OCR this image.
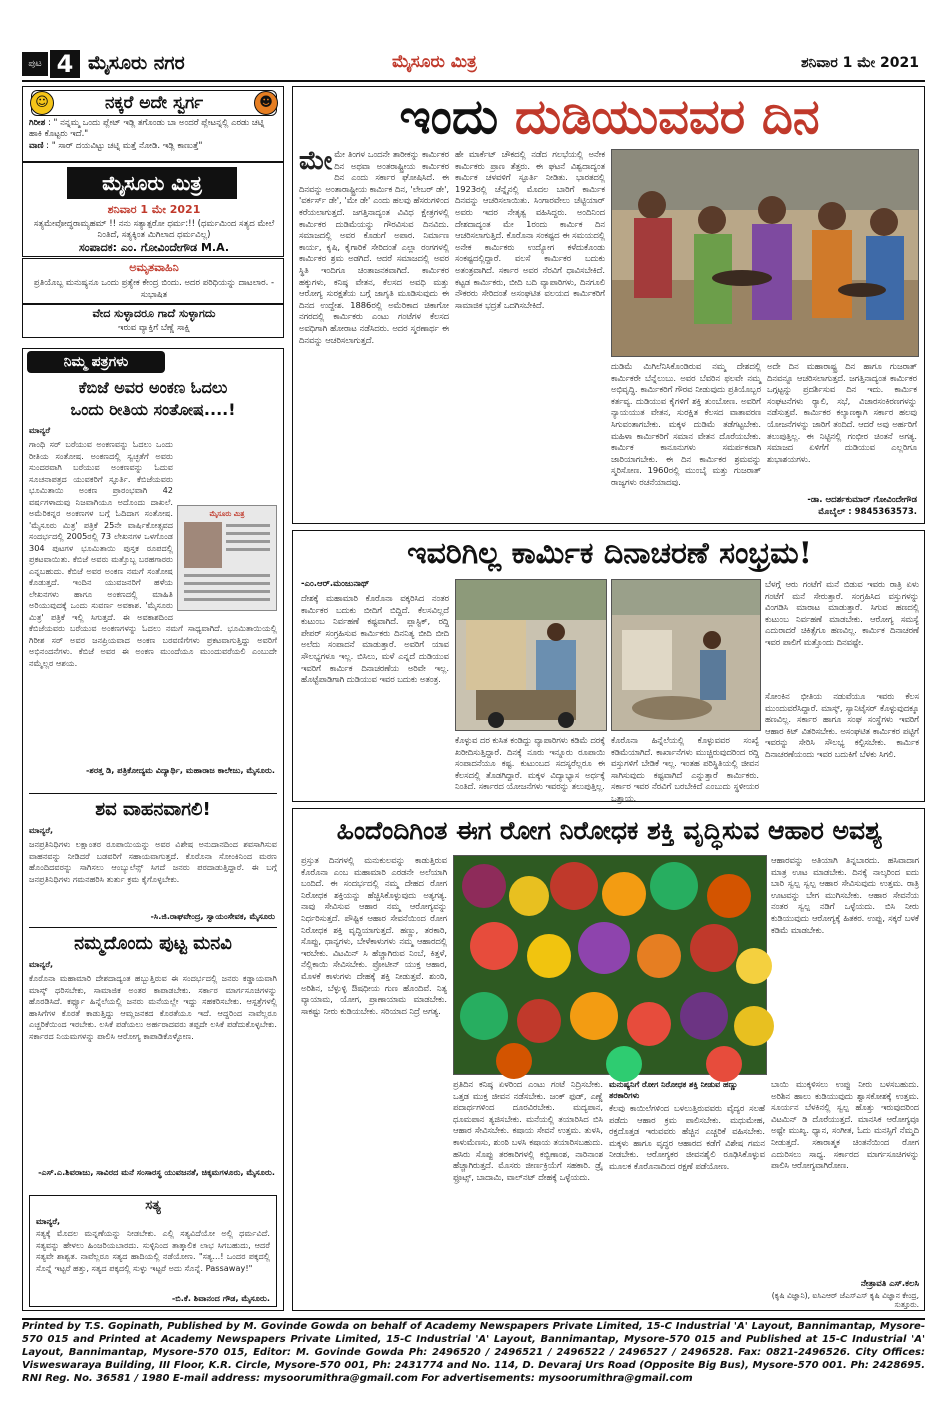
ಪುಟ 4 ಮೈಸೂರು ನಗರ	ಮೈಸೂರು ಮಿತ್ರ	ಶನಿವಾರ 1 ಮೇ 2021
☺	ನಕ್ಕರೆ ಅದೇ ಸ್ವರ್ಗ	☻
ಗಿರೀಶ : " ನನ್ನಮ್ಮ ಒಂದು ಪ್ಲೇಟ್ ಇಡ್ಲಿ ತಗೊಂಡು ಬಾ ಅಂದರೆ ಪ್ಲೇಟನ್ನಲ್ಲಿ ಎರಡು ಚಟ್ನಿ ಹಾಕಿ ಕೊಟ್ಟರು ಇದೆ."
ವಾಣಿ : " ಸಾರ್ ದಯವಿಟ್ಟು ಚಟ್ನಿ ಮತ್ತೆ ನೋಡಿ. ಇಡ್ಲಿ ಕಾಣುತ್ತೆ"
ಮೈಸೂರು ಮಿತ್ರ
ಶನಿವಾರ 1 ಮೇ 2021
ಸತ್ಯಮೇವೋದ್ಧರಾಮ್ಯಹಮ್ !! ನನು ಸತ್ಯಾತ್ಪರೋ ಧರ್ಮ:!! (ಧರ್ಮಮಿಂದ ಸತ್ಯದ ಮೇಲೆ ನಿಂತಿದೆ, ಸತ್ಯಕ್ಕಿಂತ ಮಿಗಿಲಾದ ಧರ್ಮವಿಲ್ಲ)
ಸಂಪಾದಕ: ಎಂ. ಗೋವಿಂದೇಗೌಡ M.A.
ಅಮೃತವಾಹಿನಿ
ಪ್ರತಿಯೊಬ್ಬ ಮನುಷ್ಯನೂ ಒಂದು ಪ್ರತ್ಯೇಕ ಕೇಂದ್ರ ಬಿಂದು. ಅದರ ಪರಿಧಿಯನ್ನು ದಾಟಲಾರ. - ಸುಭಾಷಿತ
ವೇದ ಸುಳ್ಳಾದರೂ ಗಾದೆ ಸುಳ್ಳಾಗದು
ಇರುವ ವ್ಯಾಕ್ತಿಗೆ ಬೆಣ್ಣೆ ಸಾಕ್ಷಿ
ನಿಮ್ಮ ಪತ್ರಗಳು
ಕೆಬಿಜೆ ಅವರ ಅಂಕಣ ಓದಲು
ಒಂದು ರೀತಿಯ ಸಂತೋಷ....!
ಮಾನ್ಯರೆ
ಮೈಸೂರು ಮಿತ್ರ
ಗಾಂಧಿ ಸರ್ ಬರೆಯುವ ಅಂಕಣವನ್ನು ಓದಲು ಒಂದು ರೀತಿಯ ಸಂತೋಷ. ಅಂಕಣದಲ್ಲಿ ಸ್ವಚ್ಛತೆಗೆ ಅವರು ಸುಂದರವಾಗಿ ಬರೆಯುವ ಅಂಕಣವನ್ನು ಓದುವ ಸೂಚನಾಪತ್ರದ ಯುವಕರಿಗೆ ಸ್ಫೂರ್ತಿ. ಕೆಬಿಜೆಯವರು ಭೂಮಿತಾಯಿ ಅಂಕಣ ಪ್ರಾರಂಭವಾಗಿ 42 ವರ್ಷಗಳಾದುವು ನಿಜವಾಗಿಯೂ ಅದೊಂದು ದಾಖಲೆ. ಅಮೆರಿಕನ್ನರ ಅಂಕಣಗಳ ಬಗ್ಗೆ ಓದಿದಾಗ ಸಂತೋಷ. 'ಮೈಸೂರು ಮಿತ್ರ' ಪತ್ರಿಕೆ 25ನೇ ವಾರ್ಷಿಕೋತ್ಸವದ ಸಂದರ್ಭದಲ್ಲಿ 2005ರಲ್ಲಿ 73 ಲೇಖನಗಳ ಒಳಗೊಂಡ 304 ಪುಟಗಳ ಭೂಮಿತಾಯಿ ಪುಸ್ತಕ ರೂಪದಲ್ಲಿ ಪ್ರಕಟವಾಯಿತು. ಕೆಬಿಜೆ ಅವರು ಮತ್ತೊಬ್ಬ ಬರಹಗಾರರು ಎನ್ನಬಹುದು. ಕೆಬಿಜೆ ಅವರ ಅಂಕಣ ನಮಗೆ ಸಂತೋಷ ಕೊಡುತ್ತದೆ. ಇಂದಿನ ಯುವಜನರಿಗೆ ಹಳೆಯ ಲೇಖನಗಳು ಹಾಗೂ ಅಂಕಣದಲ್ಲಿ ಮಾಹಿತಿ ಅರಿಯುವುದಕ್ಕೆ ಒಂದು ಸುವರ್ಣ ಅವಕಾಶ. 'ಮೈಸೂರು ಮಿತ್ರ' ಪತ್ರಿಕೆ ಇಲ್ಲಿ ಸಿಗುತ್ತದೆ. ಈ ಅವಕಾಶದಿಂದ ಕೆಬಿಜೆಯವರು ಬರೆಯುವ ಅಂಕಣಗಳನ್ನು ಓದಲು ನಮಗೆ ಸಾಧ್ಯವಾಗಿದೆ. ಭೂಮಿತಾಯಿಯಲ್ಲಿ ಗಿರೀಶ ಸರ್ ಅವರ ಜನಪ್ರಿಯವಾದ ಅಂಕಣ ಬರವಣಿಗೆಗಳು ಪ್ರಕಟವಾಗುತ್ತಿದ್ದು ಅವರಿಗೆ ಅಭಿನಂದನೆಗಳು. ಕೆಬಿಜೆ ಅವರ ಈ ಅಂಕಣ ಮುಂದೆಯೂ ಮುಂದುವರೆಯಲಿ ಎಂಬುದೇ ನಮ್ಮೆಲ್ಲರ ಆಶಯ.
-ಶರತ್ತ ಡಿ, ಪತ್ರಿಕೋದ್ಯಮ ವಿದ್ಯಾರ್ಥಿ, ಮಹಾರಾಜ ಕಾಲೇಜು, ಮೈಸೂರು.
ಶವ ವಾಹನವಾಗಲಿ!
ಮಾನ್ಯರೆ,
ಜನಪ್ರತಿನಿಧಿಗಳು ಲಕ್ಷಾಂತರ ರೂಪಾಯಿಯನ್ನು ಅವರ ವಿಶೇಷ ಅನುದಾನದಿಂದ ಶವಸಾಗಿಸುವ ವಾಹನವನ್ನು ನೀಡಿದರೆ ಬಡವರಿಗೆ ಸಹಾಯವಾಗುತ್ತದೆ. ಕೊರೊನಾ ಸೋಂಕಿನಿಂದ ಮರಣ ಹೊಂದಿದವರನ್ನು ಸಾಗಿಸಲು ಆಂಬ್ಯುಲೆನ್ಸ್ ಸಿಗದೆ ಜನರು ಪರದಾಡುತ್ತಿದ್ದಾರೆ. ಈ ಬಗ್ಗೆ ಜನಪ್ರತಿನಿಧಿಗಳು ಗಮನಹರಿಸಿ ತುರ್ತು ಕ್ರಮ ಕೈಗೊಳ್ಳಬೇಕು.
-ಸಿ.ಜಿ.ರಾಘವೇಂದ್ರ, ಸ್ವಾಯಂಸೇವಕ, ಮೈಸೂರು
ನಮ್ಮದೊಂದು ಪುಟ್ಟ ಮನವಿ
ಮಾನ್ಯರೆ,
ಕೊರೊನಾ ಮಹಾಮಾರಿ ದೇಶದಾದ್ಯಂತ ಹಬ್ಬುತ್ತಿರುವ ಈ ಸಂದರ್ಭದಲ್ಲಿ ಜನರು ಕಡ್ಡಾಯವಾಗಿ ಮಾಸ್ಕ್ ಧರಿಸಬೇಕು, ಸಾಮಾಜಿಕ ಅಂತರ ಕಾಪಾಡಬೇಕು. ಸರ್ಕಾರ ಮಾರ್ಗಸೂಚಿಗಳನ್ನು ಹೊರಡಿಸಿದೆ. ಕರ್ಫ್ಯೂ ಹಿನ್ನೆಲೆಯಲ್ಲಿ ಜನರು ಮನೆಯಲ್ಲೇ ಇದ್ದು ಸಹಕರಿಸಬೇಕು. ಆಸ್ಪತ್ರೆಗಳಲ್ಲಿ ಹಾಸಿಗೆಗಳ ಕೊರತೆ ಕಾಡುತ್ತಿದ್ದು ಆಮ್ಲಜನಕದ ಕೊರತೆಯೂ ಇದೆ. ಆದ್ದರಿಂದ ನಾವೆಲ್ಲರೂ ಎಚ್ಚರಿಕೆಯಿಂದ ಇರಬೇಕು. ಲಸಿಕೆ ಪಡೆಯಲು ಅರ್ಹರಾದವರು ತಪ್ಪದೇ ಲಸಿಕೆ ಪಡೆದುಕೊಳ್ಳಬೇಕು. ಸರ್ಕಾರದ ನಿಯಮಗಳನ್ನು ಪಾಲಿಸಿ ಆರೋಗ್ಯ ಕಾಪಾಡಿಕೊಳ್ಳೋಣ.
-ಎಸ್.ಎ.ಶಿವರಾಜು, ಸಾವಿರದ ಮನೆ ಸಂಸಾರಸ್ಥ ಯುವಜನತೆ, ಚಿಕ್ಕಮಗಳೂರು, ಮೈಸೂರು.
ಸತ್ಯ
ಮಾನ್ಯರೆ,
ಸತ್ಯಕ್ಕೆ ಮೊದಲ ಮನ್ನಣೆಯನ್ನು ನೀಡಬೇಕು. ಎಲ್ಲಿ ಸತ್ಯವಿದೆಯೋ ಅಲ್ಲಿ ಧರ್ಮವಿದೆ. ಸತ್ಯವನ್ನು ಹೇಳಲು ಹಿಂಜರಿಯಬಾರದು. ಸುಳ್ಳಿನಿಂದ ತಾತ್ಕಾಲಿಕ ಲಾಭ ಸಿಗಬಹುದು, ಆದರೆ ಸತ್ಯವೇ ಶಾಶ್ವತ. ನಾವೆಲ್ಲರೂ ಸತ್ಯದ ಹಾದಿಯಲ್ಲಿ ನಡೆಯೋಣ. "ಸತ್ಯ...! ಒಂದರ ಪಕ್ಕದಲ್ಲಿ ಸೊನ್ನೆ ಇಟ್ಟರೆ ಹತ್ತು, ಸತ್ಯದ ಪಕ್ಕದಲ್ಲಿ ಸುಳ್ಳು ಇಟ್ಟರೆ ಅದು ಸೊನ್ನೆ. Passaway!"
-ಬಿ.ಕೆ. ಶಿವಾನಂದ ಗೌಡ, ಮೈಸೂರು.
ಇಂದು ದುಡಿಯುವವರ ದಿನ
ಮೇಮೇ ತಿಂಗಳ ಒಂದನೇ ತಾರೀಕನ್ನು ಕಾರ್ಮಿಕರ ದಿನ ಅಥವಾ ಅಂತರಾಷ್ಟ್ರೀಯ ಕಾರ್ಮಿಕರ ದಿನ ಎಂದು ಸರ್ಕಾರ ಘೋಷಿಸಿದೆ. ಈ ದಿನವನ್ನು ಅಂತಾರಾಷ್ಟ್ರೀಯ ಕಾರ್ಮಿಕ ದಿನ, 'ಲೇಬರ್ ಡೇ', 'ವರ್ಕರ್ಸ್ ಡೇ', 'ಮೇ ಡೇ' ಎಂದು ಹಲವು ಹೆಸರುಗಳಿಂದ ಕರೆಯಲಾಗುತ್ತದೆ. ಜಗತ್ತಿನಾದ್ಯಂತ ವಿವಿಧ ಕ್ಷೇತ್ರಗಳಲ್ಲಿ ಕಾರ್ಮಿಕರ ದುಡಿಮೆಯನ್ನು ಗೌರವಿಸುವ ದಿನವಿದು. ಸಮಾಜದಲ್ಲಿ ಅವರ ಕೊಡುಗೆ ಅಪಾರ. ನಿರ್ಮಾಣ ಕಾರ್ಯ, ಕೃಷಿ, ಕೈಗಾರಿಕೆ ಸೇರಿದಂತೆ ಎಲ್ಲಾ ರಂಗಗಳಲ್ಲಿ ಕಾರ್ಮಿಕರ ಶ್ರಮ ಅಡಗಿದೆ. ಆದರೆ ಸಮಾಜದಲ್ಲಿ ಅವರ ಸ್ಥಿತಿ ಇಂದಿಗೂ ಚಿಂತಾಜನಕವಾಗಿದೆ. ಕಾರ್ಮಿಕರ ಹಕ್ಕುಗಳು, ಕನಿಷ್ಠ ವೇತನ, ಕೆಲಸದ ಅವಧಿ ಮತ್ತು ಆರೋಗ್ಯ ಸುರಕ್ಷತೆಯ ಬಗ್ಗೆ ಜಾಗೃತಿ ಮೂಡಿಸುವುದು ಈ ದಿನದ ಉದ್ದೇಶ. 1886ರಲ್ಲಿ ಅಮೆರಿಕಾದ ಚಿಕಾಗೋ ನಗರದಲ್ಲಿ ಕಾರ್ಮಿಕರು ಎಂಟು ಗಂಟೆಗಳ ಕೆಲಸದ ಅವಧಿಗಾಗಿ ಹೋರಾಟ ನಡೆಸಿದರು. ಅದರ ಸ್ಮರಣಾರ್ಥ ಈ ದಿನವನ್ನು ಆಚರಿಸಲಾಗುತ್ತದೆ.
ಹೇ ಮಾರ್ಕೆಟ್ ಚೌಕದಲ್ಲಿ ನಡೆದ ಗಲಭೆಯಲ್ಲಿ ಅನೇಕ ಕಾರ್ಮಿಕರು ಪ್ರಾಣ ತೆತ್ತರು. ಈ ಘಟನೆ ವಿಶ್ವದಾದ್ಯಂತ ಕಾರ್ಮಿಕ ಚಳವಳಿಗೆ ಸ್ಫೂರ್ತಿ ನೀಡಿತು. ಭಾರತದಲ್ಲಿ 1923ರಲ್ಲಿ ಚೆನ್ನೈನಲ್ಲಿ ಮೊದಲ ಬಾರಿಗೆ ಕಾರ್ಮಿಕ ದಿನವನ್ನು ಆಚರಿಸಲಾಯಿತು. ಸಿಂಗಾರವೇಲು ಚೆಟ್ಟಿಯಾರ್ ಅವರು ಇದರ ನೇತೃತ್ವ ವಹಿಸಿದ್ದರು. ಅಂದಿನಿಂದ ದೇಶದಾದ್ಯಂತ ಮೇ 1ರಂದು ಕಾರ್ಮಿಕ ದಿನ ಆಚರಿಸಲಾಗುತ್ತಿದೆ. ಕೊರೊನಾ ಸಂಕಷ್ಟದ ಈ ಸಮಯದಲ್ಲಿ ಅನೇಕ ಕಾರ್ಮಿಕರು ಉದ್ಯೋಗ ಕಳೆದುಕೊಂಡು ಸಂಕಷ್ಟದಲ್ಲಿದ್ದಾರೆ. ವಲಸೆ ಕಾರ್ಮಿಕರ ಬದುಕು ಅತಂತ್ರವಾಗಿದೆ. ಸರ್ಕಾರ ಅವರ ನೆರವಿಗೆ ಧಾವಿಸಬೇಕಿದೆ. ಕಟ್ಟಡ ಕಾರ್ಮಿಕರು, ಬೀದಿ ಬದಿ ವ್ಯಾಪಾರಿಗಳು, ದಿನಗೂಲಿ ನೌಕರರು ಸೇರಿದಂತೆ ಅಸಂಘಟಿತ ವಲಯದ ಕಾರ್ಮಿಕರಿಗೆ ಸಾಮಾಜಿಕ ಭದ್ರತೆ ಒದಗಿಸಬೇಕಿದೆ.
ದುಡಿಮೆ ಮಿಗಿಲೆನಿಸಿಕೊಂಡಿರುವ ನಮ್ಮ ದೇಶದಲ್ಲಿ ಕಾರ್ಮಿಕರೇ ಬೆನ್ನೆಲುಬು. ಅವರ ಬೆವರಿನ ಫಲವೇ ನಮ್ಮ ಅಭಿವೃದ್ಧಿ. ಕಾರ್ಮಿಕರಿಗೆ ಗೌರವ ನೀಡುವುದು ಪ್ರತಿಯೊಬ್ಬರ ಕರ್ತವ್ಯ. ದುಡಿಯುವ ಕೈಗಳಿಗೆ ಶಕ್ತಿ ತುಂಬೋಣ. ಅವರಿಗೆ ನ್ಯಾಯಯುತ ವೇತನ, ಸುರಕ್ಷಿತ ಕೆಲಸದ ವಾತಾವರಣ ಸಿಗುವಂತಾಗಬೇಕು. ಮಕ್ಕಳ ದುಡಿಮೆ ತಡೆಗಟ್ಟಬೇಕು. ಮಹಿಳಾ ಕಾರ್ಮಿಕರಿಗೆ ಸಮಾನ ವೇತನ ದೊರೆಯಬೇಕು. ಕಾರ್ಮಿಕ ಕಾನೂನುಗಳು ಸಮರ್ಪಕವಾಗಿ ಜಾರಿಯಾಗಬೇಕು. ಈ ದಿನ ಕಾರ್ಮಿಕರ ಶ್ರಮವನ್ನು ಸ್ಮರಿಸೋಣ. 1960ರಲ್ಲಿ ಮುಂಬೈ ಮತ್ತು ಗುಜರಾತ್ ರಾಜ್ಯಗಳು ರಚನೆಯಾದವು.
ಅದೇ ದಿನ ಮಹಾರಾಷ್ಟ್ರ ದಿನ ಹಾಗೂ ಗುಜರಾತ್ ದಿನವನ್ನೂ ಆಚರಿಸಲಾಗುತ್ತದೆ. ಜಗತ್ತಿನಾದ್ಯಂತ ಕಾರ್ಮಿಕರ ಒಗ್ಗಟ್ಟನ್ನು ಪ್ರದರ್ಶಿಸುವ ದಿನ ಇದು. ಕಾರ್ಮಿಕ ಸಂಘಟನೆಗಳು ರ್‍ಯಾಲಿ, ಸಭೆ, ವಿಚಾರಸಂಕಿರಣಗಳನ್ನು ನಡೆಸುತ್ತವೆ. ಕಾರ್ಮಿಕರ ಕಲ್ಯಾಣಕ್ಕಾಗಿ ಸರ್ಕಾರ ಹಲವು ಯೋಜನೆಗಳನ್ನು ಜಾರಿಗೆ ತಂದಿದೆ. ಆದರೆ ಅವು ಅರ್ಹರಿಗೆ ತಲುಪುತ್ತಿಲ್ಲ. ಈ ನಿಟ್ಟಿನಲ್ಲಿ ಗಂಭೀರ ಚಿಂತನೆ ಅಗತ್ಯ. ಸಮಾಜದ ಏಳಿಗೆಗೆ ದುಡಿಯುವ ಎಲ್ಲರಿಗೂ ಶುಭಾಶಯಗಳು.
-ಡಾ. ಆದರ್ಶಕುಮಾರ್ ಗೋವಿಂದೇಗೌಡ
ಮೊಬೈಲ್ : 9845363573.
ಇವರಿಗಿಲ್ಲ ಕಾರ್ಮಿಕ ದಿನಾಚರಣೆ ಸಂಭ್ರಮ!
-ಎಂ.ಆರ್.ಮಂಜುನಾಥ್
ದೇಶಕ್ಕೆ ಮಹಾಮಾರಿ ಕೊರೊನಾ ವಕ್ಕರಿಸಿದ ನಂತರ ಕಾರ್ಮಿಕರ ಬದುಕು ಬೀದಿಗೆ ಬಿದ್ದಿದೆ. ಕೆಲಸವಿಲ್ಲದೆ ಕುಟುಂಬ ನಿರ್ವಹಣೆ ಕಷ್ಟವಾಗಿದೆ. ಪ್ಲಾಸ್ಟಿಕ್, ರದ್ದಿ ಪೇಪರ್ ಸಂಗ್ರಹಿಸುವ ಕಾರ್ಮಿಕರು ದಿನನಿತ್ಯ ಬೀದಿ ಬೀದಿ ಅಲೆದು ಸಂಪಾದನೆ ಮಾಡುತ್ತಾರೆ. ಅವರಿಗೆ ಯಾವ ಸೌಲಭ್ಯಗಳೂ ಇಲ್ಲ. ಬಿಸಿಲು, ಮಳೆ ಎನ್ನದೆ ದುಡಿಯುವ ಇವರಿಗೆ ಕಾರ್ಮಿಕ ದಿನಾಚರಣೆಯ ಅರಿವೇ ಇಲ್ಲ. ಹೊಟ್ಟೆಪಾಡಿಗಾಗಿ ದುಡಿಯುವ ಇವರ ಬದುಕು ಅತಂತ್ರ.
ಕೊಳ್ಳುವ ದರ ಕುಸಿತ ಕಂಡಿದ್ದು ವ್ಯಾಪಾರಿಗಳು ಕಡಿಮೆ ದರಕ್ಕೆ ಖರೀದಿಸುತ್ತಿದ್ದಾರೆ. ದಿನಕ್ಕೆ ನೂರು ಇನ್ನೂರು ರೂಪಾಯಿ ಸಂಪಾದನೆಯೂ ಕಷ್ಟ. ಕುಟುಂಬದ ಸದಸ್ಯರೆಲ್ಲರೂ ಈ ಕೆಲಸದಲ್ಲಿ ತೊಡಗಿದ್ದಾರೆ. ಮಕ್ಕಳ ವಿದ್ಯಾಭ್ಯಾಸ ಅರ್ಧಕ್ಕೆ ನಿಂತಿದೆ. ಸರ್ಕಾರದ ಯೋಜನೆಗಳು ಇವರನ್ನು ತಲುಪುತ್ತಿಲ್ಲ.
ಕೊರೊನಾ ಹಿನ್ನೆಲೆಯಲ್ಲಿ ಕೊಳ್ಳುವವರ ಸಂಖ್ಯೆ ಕಡಿಮೆಯಾಗಿದೆ. ಕಾರ್ಖಾನೆಗಳು ಮುಚ್ಚಿರುವುದರಿಂದ ರದ್ದಿ ವಸ್ತುಗಳಿಗೆ ಬೇಡಿಕೆ ಇಲ್ಲ. ಇಂತಹ ಪರಿಸ್ಥಿತಿಯಲ್ಲಿ ಜೀವನ ಸಾಗಿಸುವುದು ಕಷ್ಟವಾಗಿದೆ ಎನ್ನುತ್ತಾರೆ ಕಾರ್ಮಿಕರು. ಸರ್ಕಾರ ಇವರ ನೆರವಿಗೆ ಬರಬೇಕಿದೆ ಎಂಬುದು ಸ್ಥಳೀಯರ ಒತ್ತಾಯ.
ಬೆಳಗ್ಗೆ ಆರು ಗಂಟೆಗೆ ಮನೆ ಬಿಡುವ ಇವರು ರಾತ್ರಿ ಏಳು ಗಂಟೆಗೆ ಮನೆ ಸೇರುತ್ತಾರೆ. ಸಂಗ್ರಹಿಸಿದ ವಸ್ತುಗಳನ್ನು ವಿಂಗಡಿಸಿ ಮಾರಾಟ ಮಾಡುತ್ತಾರೆ. ಸಿಗುವ ಹಣದಲ್ಲಿ ಕುಟುಂಬ ನಿರ್ವಹಣೆ ಮಾಡಬೇಕು. ಆರೋಗ್ಯ ಸಮಸ್ಯೆ ಎದುರಾದರೆ ಚಿಕಿತ್ಸೆಗೂ ಹಣವಿಲ್ಲ. ಕಾರ್ಮಿಕ ದಿನಾಚರಣೆ ಇವರ ಪಾಲಿಗೆ ಮತ್ತೊಂದು ದಿನವಷ್ಟೇ.
ಸೋಂಕಿನ ಭೀತಿಯ ನಡುವೆಯೂ ಇವರು ಕೆಲಸ ಮುಂದುವರೆಸಿದ್ದಾರೆ. ಮಾಸ್ಕ್, ಸ್ಯಾನಿಟೈಸರ್ ಕೊಳ್ಳುವುದಕ್ಕೂ ಹಣವಿಲ್ಲ. ಸರ್ಕಾರ ಹಾಗೂ ಸಂಘ ಸಂಸ್ಥೆಗಳು ಇವರಿಗೆ ಆಹಾರ ಕಿಟ್ ವಿತರಿಸಬೇಕು. ಅಸಂಘಟಿತ ಕಾರ್ಮಿಕರ ಪಟ್ಟಿಗೆ ಇವರನ್ನು ಸೇರಿಸಿ ಸೌಲಭ್ಯ ಕಲ್ಪಿಸಬೇಕು. ಕಾರ್ಮಿಕ ದಿನಾಚರಣೆಯಂದು ಇವರ ಬದುಕಿಗೆ ಬೆಳಕು ಸಿಗಲಿ.
ಹಿಂದೆಂದಿಗಿಂತ ಈಗ ರೋಗ ನಿರೋಧಕ ಶಕ್ತಿ ವೃದ್ಧಿಸುವ ಆಹಾರ ಅವಶ್ಯ
ಪ್ರಸ್ತುತ ದಿನಗಳಲ್ಲಿ ಮನುಕುಲವನ್ನು ಕಾಡುತ್ತಿರುವ ಕೊರೊನಾ ಎಂಬ ಮಹಾಮಾರಿ ಎರಡನೇ ಅಲೆಯಾಗಿ ಬಂದಿದೆ. ಈ ಸಂದರ್ಭದಲ್ಲಿ ನಮ್ಮ ದೇಹದ ರೋಗ ನಿರೋಧಕ ಶಕ್ತಿಯನ್ನು ಹೆಚ್ಚಿಸಿಕೊಳ್ಳುವುದು ಅತ್ಯಗತ್ಯ. ನಾವು ಸೇವಿಸುವ ಆಹಾರ ನಮ್ಮ ಆರೋಗ್ಯವನ್ನು ನಿರ್ಧರಿಸುತ್ತದೆ. ಪೌಷ್ಟಿಕ ಆಹಾರ ಸೇವನೆಯಿಂದ ರೋಗ ನಿರೋಧಕ ಶಕ್ತಿ ವೃದ್ಧಿಯಾಗುತ್ತದೆ. ಹಣ್ಣು, ತರಕಾರಿ, ಸೊಪ್ಪು, ಧಾನ್ಯಗಳು, ಬೇಳೆಕಾಳುಗಳು ನಮ್ಮ ಆಹಾರದಲ್ಲಿ ಇರಬೇಕು. ವಿಟಮಿನ್ ಸಿ ಹೆಚ್ಚಾಗಿರುವ ನಿಂಬೆ, ಕಿತ್ತಳೆ, ನೆಲ್ಲಿಕಾಯಿ ಸೇವಿಸಬೇಕು. ಪ್ರೋಟೀನ್ ಯುಕ್ತ ಆಹಾರ, ಮೊಳಕೆ ಕಾಳುಗಳು ದೇಹಕ್ಕೆ ಶಕ್ತಿ ನೀಡುತ್ತವೆ. ಶುಂಠಿ, ಅರಿಶಿನ, ಬೆಳ್ಳುಳ್ಳಿ ಔಷಧೀಯ ಗುಣ ಹೊಂದಿವೆ. ನಿತ್ಯ ವ್ಯಾಯಾಮ, ಯೋಗ, ಪ್ರಾಣಾಯಾಮ ಮಾಡಬೇಕು. ಸಾಕಷ್ಟು ನೀರು ಕುಡಿಯಬೇಕು. ಸರಿಯಾದ ನಿದ್ರೆ ಅಗತ್ಯ.
ಪ್ರತಿದಿನ ಕನಿಷ್ಠ ಏಳರಿಂದ ಎಂಟು ಗಂಟೆ ನಿದ್ರಿಸಬೇಕು. ಒತ್ತಡ ಮುಕ್ತ ಜೀವನ ನಡೆಸಬೇಕು. ಜಂಕ್ ಫುಡ್, ಎಣ್ಣೆ ಪದಾರ್ಥಗಳಿಂದ ದೂರವಿರಬೇಕು. ಮದ್ಯಪಾನ, ಧೂಮಪಾನ ತ್ಯಜಿಸಬೇಕು. ಮನೆಯಲ್ಲಿ ತಯಾರಿಸಿದ ಬಿಸಿ ಆಹಾರ ಸೇವಿಸಬೇಕು. ಕಷಾಯ ಸೇವನೆ ಉತ್ತಮ. ತುಳಸಿ, ಕಾಳುಮೆಣಸು, ಶುಂಠಿ ಬಳಸಿ ಕಷಾಯ ತಯಾರಿಸಬಹುದು. ಹಸಿರು ಸೊಪ್ಪು ತರಕಾರಿಗಳಲ್ಲಿ ಕಬ್ಬಿಣಾಂಶ, ನಾರಿನಾಂಶ ಹೆಚ್ಚಾಗಿರುತ್ತದೆ. ಮೊಸರು ಜೀರ್ಣಕ್ರಿಯೆಗೆ ಸಹಕಾರಿ. ಡ್ರೈ ಫ್ರೂಟ್ಸ್, ಬಾದಾಮಿ, ವಾಲ್‌ನಟ್ ದೇಹಕ್ಕೆ ಒಳ್ಳೆಯದು.
ಮನುಷ್ಯನಿಗೆ ರೋಗ ನಿರೋಧಕ ಶಕ್ತಿ ನೀಡುವ ಹಣ್ಣು ತರಕಾರಿಗಳು
ಕೆಲವು ಕಾಯಿಲೆಗಳಿಂದ ಬಳಲುತ್ತಿರುವವರು ವೈದ್ಯರ ಸಲಹೆ ಪಡೆದು ಆಹಾರ ಕ್ರಮ ಪಾಲಿಸಬೇಕು. ಮಧುಮೇಹ, ರಕ್ತದೊತ್ತಡ ಇರುವವರು ಹೆಚ್ಚಿನ ಎಚ್ಚರಿಕೆ ವಹಿಸಬೇಕು. ಮಕ್ಕಳು ಹಾಗೂ ವೃದ್ಧರ ಆಹಾರದ ಕಡೆಗೆ ವಿಶೇಷ ಗಮನ ನೀಡಬೇಕು. ಆರೋಗ್ಯಕರ ಜೀವನಶೈಲಿ ರೂಢಿಸಿಕೊಳ್ಳುವ ಮೂಲಕ ಕೊರೊನಾದಿಂದ ರಕ್ಷಣೆ ಪಡೆಯೋಣ.
ಆಹಾರವನ್ನು ಅತಿಯಾಗಿ ತಿನ್ನಬಾರದು. ಹಸಿವಾದಾಗ ಮಾತ್ರ ಊಟ ಮಾಡಬೇಕು. ದಿನಕ್ಕೆ ನಾಲ್ಕರಿಂದ ಐದು ಬಾರಿ ಸ್ವಲ್ಪ ಸ್ವಲ್ಪ ಆಹಾರ ಸೇವಿಸುವುದು ಉತ್ತಮ. ರಾತ್ರಿ ಊಟವನ್ನು ಬೇಗ ಮುಗಿಸಬೇಕು. ಆಹಾರ ಸೇವನೆಯ ನಂತರ ಸ್ವಲ್ಪ ನಡಿಗೆ ಒಳ್ಳೆಯದು. ಬಿಸಿ ನೀರು ಕುಡಿಯುವುದು ಆರೋಗ್ಯಕ್ಕೆ ಹಿತಕರ. ಉಪ್ಪು, ಸಕ್ಕರೆ ಬಳಕೆ ಕಡಿಮೆ ಮಾಡಬೇಕು.
ಬಾಯಿ ಮುಕ್ಕಳಿಸಲು ಉಪ್ಪು ನೀರು ಬಳಸಬಹುದು. ಅರಿಶಿನ ಹಾಲು ಕುಡಿಯುವುದು ಶ್ವಾಸಕೋಶಕ್ಕೆ ಉತ್ತಮ. ಸೂರ್ಯನ ಬೆಳಕಿನಲ್ಲಿ ಸ್ವಲ್ಪ ಹೊತ್ತು ಇರುವುದರಿಂದ ವಿಟಮಿನ್ ಡಿ ದೊರೆಯುತ್ತದೆ. ಮಾನಸಿಕ ಆರೋಗ್ಯವೂ ಅಷ್ಟೇ ಮುಖ್ಯ. ಧ್ಯಾನ, ಸಂಗೀತ, ಓದು ಮನಸ್ಸಿಗೆ ನೆಮ್ಮದಿ ನೀಡುತ್ತದೆ. ಸಕಾರಾತ್ಮಕ ಚಿಂತನೆಯಿಂದ ರೋಗ ಎದುರಿಸಲು ಸಾಧ್ಯ. ಸರ್ಕಾರದ ಮಾರ್ಗಸೂಚಿಗಳನ್ನು ಪಾಲಿಸಿ ಆರೋಗ್ಯವಾಗಿರೋಣ.
ನೇತ್ರಾವತಿ ಎಸ್.ಕಲಸಿ
(ಕೃಷಿ ವಿಜ್ಞಾನಿ), ಐಸಿಎಆರ್ ಜೆಎಸ್‌ಎಸ್ ಕೃಷಿ ವಿಜ್ಞಾನ ಕೇಂದ್ರ, ಸುತ್ತೂರು.
Printed by T.S. Gopinath, Published by M. Govinde Gowda on behalf of Academy Newspapers Private Limited, 15-C Industrial 'A' Layout, Bannimantap, Mysore-570 015 and Printed at Academy Newspapers Private Limited, 15-C Industrial 'A' Layout, Bannimantap, Mysore-570 015 and Published at 15-C Industrial 'A' Layout, Bannimantap, Mysore-570 015, Editor: M. Govinde Gowda Ph: 2496520 / 2496521 / 2496522 / 2496527 / 2496528. Fax: 0821-2496526. City Offices: Visweswaraya Building, III Floor, K.R. Circle, Mysore-570 001, Ph: 2431774 and No. 114, D. Devaraj Urs Road (Opposite Big Bus), Mysore-570 001. Ph: 2428695. RNI Reg. No. 36581 / 1980 E-mail address: mysoorumithra@gmail.com For advertisements: mysoorumithra@gmail.com
